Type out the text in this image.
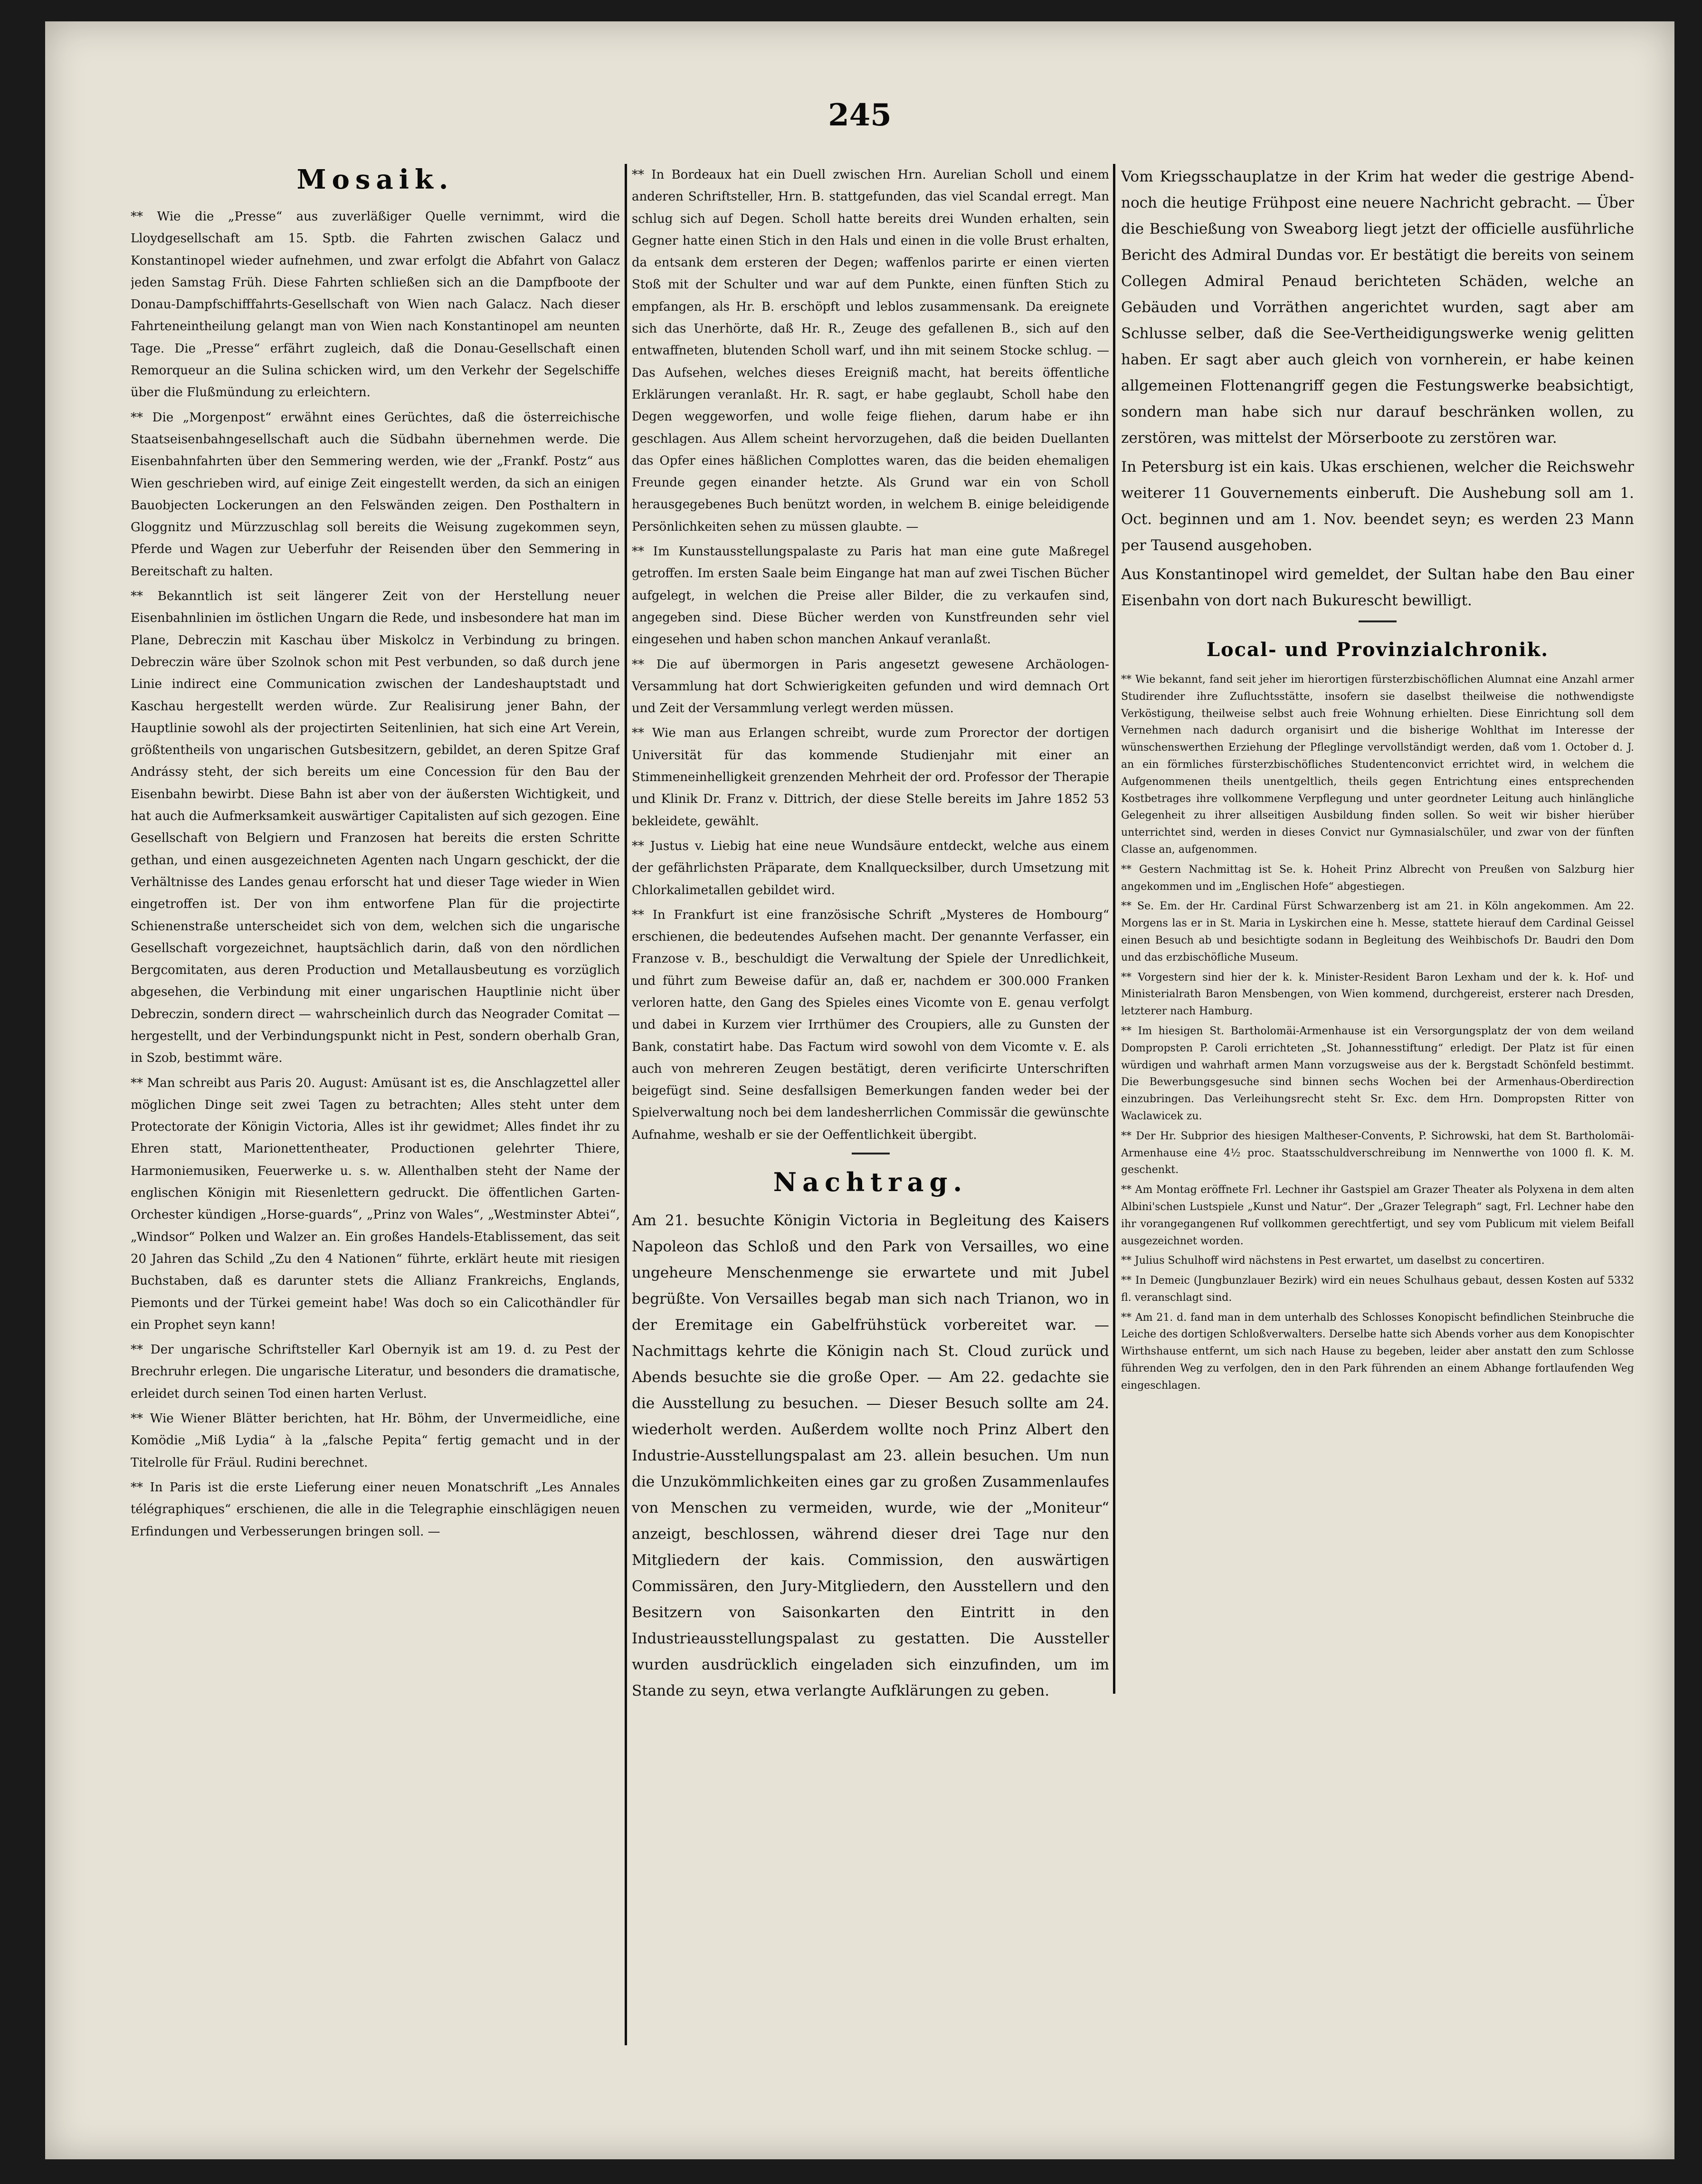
245
Mosaik.

** Wie die „Presse“ aus zuverläßiger Quelle vernimmt, wird die Lloydgesellschaft am 15. Sptb. die Fahrten zwischen Galacz und Konstantinopel wieder aufnehmen, und zwar erfolgt die Abfahrt von Galacz jeden Samstag Früh. Diese Fahrten schließen sich an die Dampfboote der Donau-Dampfschifffahrts-Gesellschaft von Wien nach Galacz. Nach dieser Fahrteneintheilung gelangt man von Wien nach Konstantinopel am neunten Tage. Die „Presse“ erfährt zugleich, daß die Donau-Gesellschaft einen Remorqueur an die Sulina schicken wird, um den Verkehr der Segelschiffe über die Flußmündung zu erleichtern.

** Die „Morgenpost“ erwähnt eines Gerüchtes, daß die österreichische Staatseisenbahngesellschaft auch die Südbahn übernehmen werde. Die Eisenbahnfahrten über den Semmering werden, wie der „Frankf. Postz“ aus Wien geschrieben wird, auf einige Zeit eingestellt werden, da sich an einigen Bauobjecten Lockerungen an den Felswänden zeigen. Den Posthaltern in Gloggnitz und Mürzzuschlag soll bereits die Weisung zugekommen seyn, Pferde und Wagen zur Ueberfuhr der Reisenden über den Semmering in Bereitschaft zu halten.

** Bekanntlich ist seit längerer Zeit von der Herstellung neuer Eisenbahnlinien im östlichen Ungarn die Rede, und insbesondere hat man im Plane, Debreczin mit Kaschau über Miskolcz in Verbindung zu bringen. Debreczin wäre über Szolnok schon mit Pest verbunden, so daß durch jene Linie indirect eine Communication zwischen der Landeshauptstadt und Kaschau hergestellt werden würde. Zur Realisirung jener Bahn, der Hauptlinie sowohl als der projectirten Seitenlinien, hat sich eine Art Verein, größtentheils von ungarischen Gutsbesitzern, gebildet, an deren Spitze Graf Andrássy steht, der sich bereits um eine Concession für den Bau der Eisenbahn bewirbt. Diese Bahn ist aber von der äußersten Wichtigkeit, und hat auch die Aufmerksamkeit auswärtiger Capitalisten auf sich gezogen. Eine Gesellschaft von Belgiern und Franzosen hat bereits die ersten Schritte gethan, und einen ausgezeichneten Agenten nach Ungarn geschickt, der die Verhältnisse des Landes genau erforscht hat und dieser Tage wieder in Wien eingetroffen ist. Der von ihm entworfene Plan für die projectirte Schienenstraße unterscheidet sich von dem, welchen sich die ungarische Gesellschaft vorgezeichnet, hauptsächlich darin, daß von den nördlichen Bergcomitaten, aus deren Production und Metallausbeutung es vorzüglich abgesehen, die Verbindung mit einer ungarischen Hauptlinie nicht über Debreczin, sondern direct — wahrscheinlich durch das Neograder Comitat — hergestellt, und der Verbindungspunkt nicht in Pest, sondern oberhalb Gran, in Szob, bestimmt wäre.

** Man schreibt aus Paris 20. August: Amüsant ist es, die Anschlagzettel aller möglichen Dinge seit zwei Tagen zu betrachten; Alles steht unter dem Protectorate der Königin Victoria, Alles ist ihr gewidmet; Alles findet ihr zu Ehren statt, Marionettentheater, Productionen gelehrter Thiere, Harmoniemusiken, Feuerwerke u. s. w. Allenthalben steht der Name der englischen Königin mit Riesenlettern gedruckt. Die öffentlichen Garten-Orchester kündigen „Horse-guards“, „Prinz von Wales“, „Westminster Abtei“, „Windsor“ Polken und Walzer an. Ein großes Handels-Etablissement, das seit 20 Jahren das Schild „Zu den 4 Nationen“ führte, erklärt heute mit riesigen Buchstaben, daß es darunter stets die Allianz Frankreichs, Englands, Piemonts und der Türkei gemeint habe! Was doch so ein Calicothändler für ein Prophet seyn kann!

** Der ungarische Schriftsteller Karl Obernyik ist am 19. d. zu Pest der Brechruhr erlegen. Die ungarische Literatur, und besonders die dramatische, erleidet durch seinen Tod einen harten Verlust.

** Wie Wiener Blätter berichten, hat Hr. Böhm, der Unvermeidliche, eine Komödie „Miß Lydia“ à la „falsche Pepita“ fertig gemacht und in der Titelrolle für Fräul. Rudini berechnet.

** In Paris ist die erste Lieferung einer neuen Monatschrift „Les Annales télégraphiques“ erschienen, die alle in die Telegraphie einschlägigen neuen Erfindungen und Verbesserungen bringen soll. —

** In Bordeaux hat ein Duell zwischen Hrn. Aurelian Scholl und einem anderen Schriftsteller, Hrn. B. stattgefunden, das viel Scandal erregt. Man schlug sich auf Degen. Scholl hatte bereits drei Wunden erhalten, sein Gegner hatte einen Stich in den Hals und einen in die volle Brust erhalten, da entsank dem ersteren der Degen; waffenlos parirte er einen vierten Stoß mit der Schulter und war auf dem Punkte, einen fünften Stich zu empfangen, als Hr. B. erschöpft und leblos zusammensank. Da ereignete sich das Unerhörte, daß Hr. R., Zeuge des gefallenen B., sich auf den entwaffneten, blutenden Scholl warf, und ihn mit seinem Stocke schlug. — Das Aufsehen, welches dieses Ereigniß macht, hat bereits öffentliche Erklärungen veranlaßt. Hr. R. sagt, er habe geglaubt, Scholl habe den Degen weggeworfen, und wolle feige fliehen, darum habe er ihn geschlagen. Aus Allem scheint hervorzugehen, daß die beiden Duellanten das Opfer eines häßlichen Complottes waren, das die beiden ehemaligen Freunde gegen einander hetzte. Als Grund war ein von Scholl herausgegebenes Buch benützt worden, in welchem B. einige beleidigende Persönlichkeiten sehen zu müssen glaubte. —

** Im Kunstausstellungspalaste zu Paris hat man eine gute Maßregel getroffen. Im ersten Saale beim Eingange hat man auf zwei Tischen Bücher aufgelegt, in welchen die Preise aller Bilder, die zu verkaufen sind, angegeben sind. Diese Bücher werden von Kunstfreunden sehr viel eingesehen und haben schon manchen Ankauf veranlaßt.

** Die auf übermorgen in Paris angesetzt gewesene Archäologen-Versammlung hat dort Schwierigkeiten gefunden und wird demnach Ort und Zeit der Versammlung verlegt werden müssen.

** Wie man aus Erlangen schreibt, wurde zum Prorector der dortigen Universität für das kommende Studienjahr mit einer an Stimmeneinhelligkeit grenzenden Mehrheit der ord. Professor der Therapie und Klinik Dr. Franz v. Dittrich, der diese Stelle bereits im Jahre 1852 53 bekleidete, gewählt.

** Justus v. Liebig hat eine neue Wundsäure entdeckt, welche aus einem der gefährlichsten Präparate, dem Knallquecksilber, durch Umsetzung mit Chlorkalimetallen gebildet wird.

** In Frankfurt ist eine französische Schrift „Mysteres de Hombourg“ erschienen, die bedeutendes Aufsehen macht. Der genannte Verfasser, ein Franzose v. B., beschuldigt die Verwaltung der Spiele der Unredlichkeit, und führt zum Beweise dafür an, daß er, nachdem er 300.000 Franken verloren hatte, den Gang des Spieles eines Vicomte von E. genau verfolgt und dabei in Kurzem vier Irrthümer des Croupiers, alle zu Gunsten der Bank, constatirt habe. Das Factum wird sowohl von dem Vicomte v. E. als auch von mehreren Zeugen bestätigt, deren verificirte Unterschriften beigefügt sind. Seine desfallsigen Bemerkungen fanden weder bei der Spielverwaltung noch bei dem landesherrlichen Commissär die gewünschte Aufnahme, weshalb er sie der Oeffentlichkeit übergibt.

Nachtrag.

Am 21. besuchte Königin Victoria in Begleitung des Kaisers Napoleon das Schloß und den Park von Versailles, wo eine ungeheure Menschenmenge sie erwartete und mit Jubel begrüßte. Von Versailles begab man sich nach Trianon, wo in der Eremitage ein Gabelfrühstück vorbereitet war. — Nachmittags kehrte die Königin nach St. Cloud zurück und Abends besuchte sie die große Oper. — Am 22. gedachte sie die Ausstellung zu besuchen. — Dieser Besuch sollte am 24. wiederholt werden. Außerdem wollte noch Prinz Albert den Industrie-Ausstellungspalast am 23. allein besuchen. Um nun die Unzukömmlichkeiten eines gar zu großen Zusammenlaufes von Menschen zu vermeiden, wurde, wie der „Moniteur“ anzeigt, beschlossen, während dieser drei Tage nur den Mitgliedern der kais. Commission, den auswärtigen Commissären, den Jury-Mitgliedern, den Ausstellern und den Besitzern von Saisonkarten den Eintritt in den Industrieausstellungspalast zu gestatten. Die Aussteller wurden ausdrücklich eingeladen sich einzufinden, um im Stande zu seyn, etwa verlangte Aufklärungen zu geben.

Vom Kriegsschauplatze in der Krim hat weder die gestrige Abend- noch die heutige Frühpost eine neuere Nachricht gebracht. — Über die Beschießung von Sweaborg liegt jetzt der officielle ausführliche Bericht des Admiral Dundas vor. Er bestätigt die bereits von seinem Collegen Admiral Penaud berichteten Schäden, welche an Gebäuden und Vorräthen angerichtet wurden, sagt aber am Schlusse selber, daß die See-Vertheidigungswerke wenig gelitten haben. Er sagt aber auch gleich von vornherein, er habe keinen allgemeinen Flottenangriff gegen die Festungswerke beabsichtigt, sondern man habe sich nur darauf beschränken wollen, zu zerstören, was mittelst der Mörserboote zu zerstören war.

In Petersburg ist ein kais. Ukas erschienen, welcher die Reichswehr weiterer 11 Gouvernements einberuft. Die Aushebung soll am 1. Oct. beginnen und am 1. Nov. beendet seyn; es werden 23 Mann per Tausend ausgehoben.

Aus Konstantinopel wird gemeldet, der Sultan habe den Bau einer Eisenbahn von dort nach Bukurescht bewilligt.

Local- und Provinzialchronik.

** Wie bekannt, fand seit jeher im hierortigen fürsterzbischöflichen Alumnat eine Anzahl armer Studirender ihre Zufluchtsstätte, insofern sie daselbst theilweise die nothwendigste Verköstigung, theilweise selbst auch freie Wohnung erhielten. Diese Einrichtung soll dem Vernehmen nach dadurch organisirt und die bisherige Wohlthat im Interesse der wünschenswerthen Erziehung der Pfleglinge vervollständigt werden, daß vom 1. October d. J. an ein förmliches fürsterzbischöfliches Studentenconvict errichtet wird, in welchem die Aufgenommenen theils unentgeltlich, theils gegen Entrichtung eines entsprechenden Kostbetrages ihre vollkommene Verpflegung und unter geordneter Leitung auch hinlängliche Gelegenheit zu ihrer allseitigen Ausbildung finden sollen. So weit wir bisher hierüber unterrichtet sind, werden in dieses Convict nur Gymnasialschüler, und zwar von der fünften Classe an, aufgenommen.

** Gestern Nachmittag ist Se. k. Hoheit Prinz Albrecht von Preußen von Salzburg hier angekommen und im „Englischen Hofe“ abgestiegen.

** Se. Em. der Hr. Cardinal Fürst Schwarzenberg ist am 21. in Köln angekommen. Am 22. Morgens las er in St. Maria in Lyskirchen eine h. Messe, stattete hierauf dem Cardinal Geissel einen Besuch ab und besichtigte sodann in Begleitung des Weihbischofs Dr. Baudri den Dom und das erzbischöfliche Museum.

** Vorgestern sind hier der k. k. Minister-Resident Baron Lexham und der k. k. Hof- und Ministerialrath Baron Mensbengen, von Wien kommend, durchgereist, ersterer nach Dresden, letzterer nach Hamburg.

** Im hiesigen St. Bartholomäi-Armenhause ist ein Versorgungsplatz der von dem weiland Dompropsten P. Caroli errichteten „St. Johannesstiftung“ erledigt. Der Platz ist für einen würdigen und wahrhaft armen Mann vorzugsweise aus der k. Bergstadt Schönfeld bestimmt. Die Bewerbungsgesuche sind binnen sechs Wochen bei der Armenhaus-Oberdirection einzubringen. Das Verleihungsrecht steht Sr. Exc. dem Hrn. Dompropsten Ritter von Waclawicek zu.

** Der Hr. Subprior des hiesigen Maltheser-Convents, P. Sichrowski, hat dem St. Bartholomäi-Armenhause eine 4½ proc. Staatsschuldverschreibung im Nennwerthe von 1000 fl. K. M. geschenkt.

** Am Montag eröffnete Frl. Lechner ihr Gastspiel am Grazer Theater als Polyxena in dem alten Albini'schen Lustspiele „Kunst und Natur“. Der „Grazer Telegraph“ sagt, Frl. Lechner habe den ihr vorangegangenen Ruf vollkommen gerechtfertigt, und sey vom Publicum mit vielem Beifall ausgezeichnet worden.

** Julius Schulhoff wird nächstens in Pest erwartet, um daselbst zu concertiren.

** In Demeic (Jungbunzlauer Bezirk) wird ein neues Schulhaus gebaut, dessen Kosten auf 5332 fl. veranschlagt sind.

** Am 21. d. fand man in dem unterhalb des Schlosses Konopischt befindlichen Steinbruche die Leiche des dortigen Schloßverwalters. Derselbe hatte sich Abends vorher aus dem Konopischter Wirthshause entfernt, um sich nach Hause zu begeben, leider aber anstatt den zum Schlosse führenden Weg zu verfolgen, den in den Park führenden an einem Abhange fortlaufenden Weg eingeschlagen.
